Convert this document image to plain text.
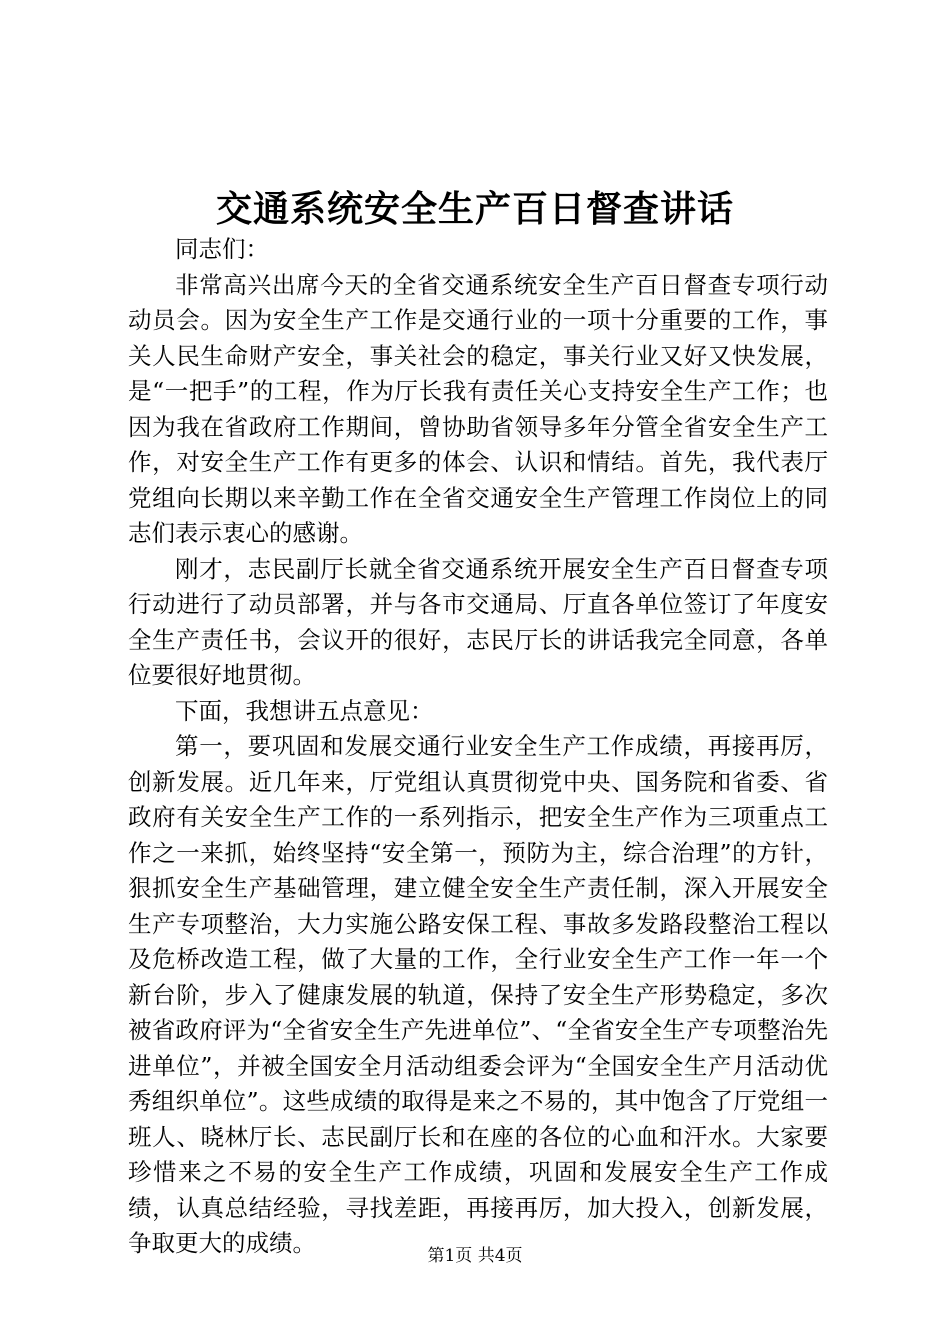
交通系统安全生产百日督查讲话

同志们：

非常高兴出席今天的全省交通系统安全生产百日督查专项行动动员会。因为安全生产工作是交通行业的一项十分重要的工作，事关人民生命财产安全，事关社会的稳定，事关行业又好又快发展，是“一把手”的工程，作为厅长我有责任关心支持安全生产工作；也因为我在省政府工作期间，曾协助省领导多年分管全省安全生产工作，对安全生产工作有更多的体会、认识和情结。首先，我代表厅党组向长期以来辛勤工作在全省交通安全生产管理工作岗位上的同志们表示衷心的感谢。

刚才，志民副厅长就全省交通系统开展安全生产百日督查专项行动进行了动员部署，并与各市交通局、厅直各单位签订了年度安全生产责任书，会议开的很好，志民厅长的讲话我完全同意，各单位要很好地贯彻。

下面，我想讲五点意见：

第一，要巩固和发展交通行业安全生产工作成绩，再接再厉，创新发展。近几年来，厅党组认真贯彻党中央、国务院和省委、省政府有关安全生产工作的一系列指示，把安全生产作为三项重点工作之一来抓，始终坚持“安全第一，预防为主，综合治理”的方针，狠抓安全生产基础管理，建立健全安全生产责任制，深入开展安全生产专项整治，大力实施公路安保工程、事故多发路段整治工程以及危桥改造工程，做了大量的工作，全行业安全生产工作一年一个新台阶，步入了健康发展的轨道，保持了安全生产形势稳定，多次被省政府评为“全省安全生产先进单位”、“全省安全生产专项整治先进单位”，并被全国安全月活动组委会评为“全国安全生产月活动优秀组织单位”。这些成绩的取得是来之不易的，其中饱含了厅党组一班人、晓林厅长、志民副厅长和在座的各位的心血和汗水。大家要珍惜来之不易的安全生产工作成绩，巩固和发展安全生产工作成绩，认真总结经验，寻找差距，再接再厉，加大投入，创新发展，争取更大的成绩。	第1页 共4页
